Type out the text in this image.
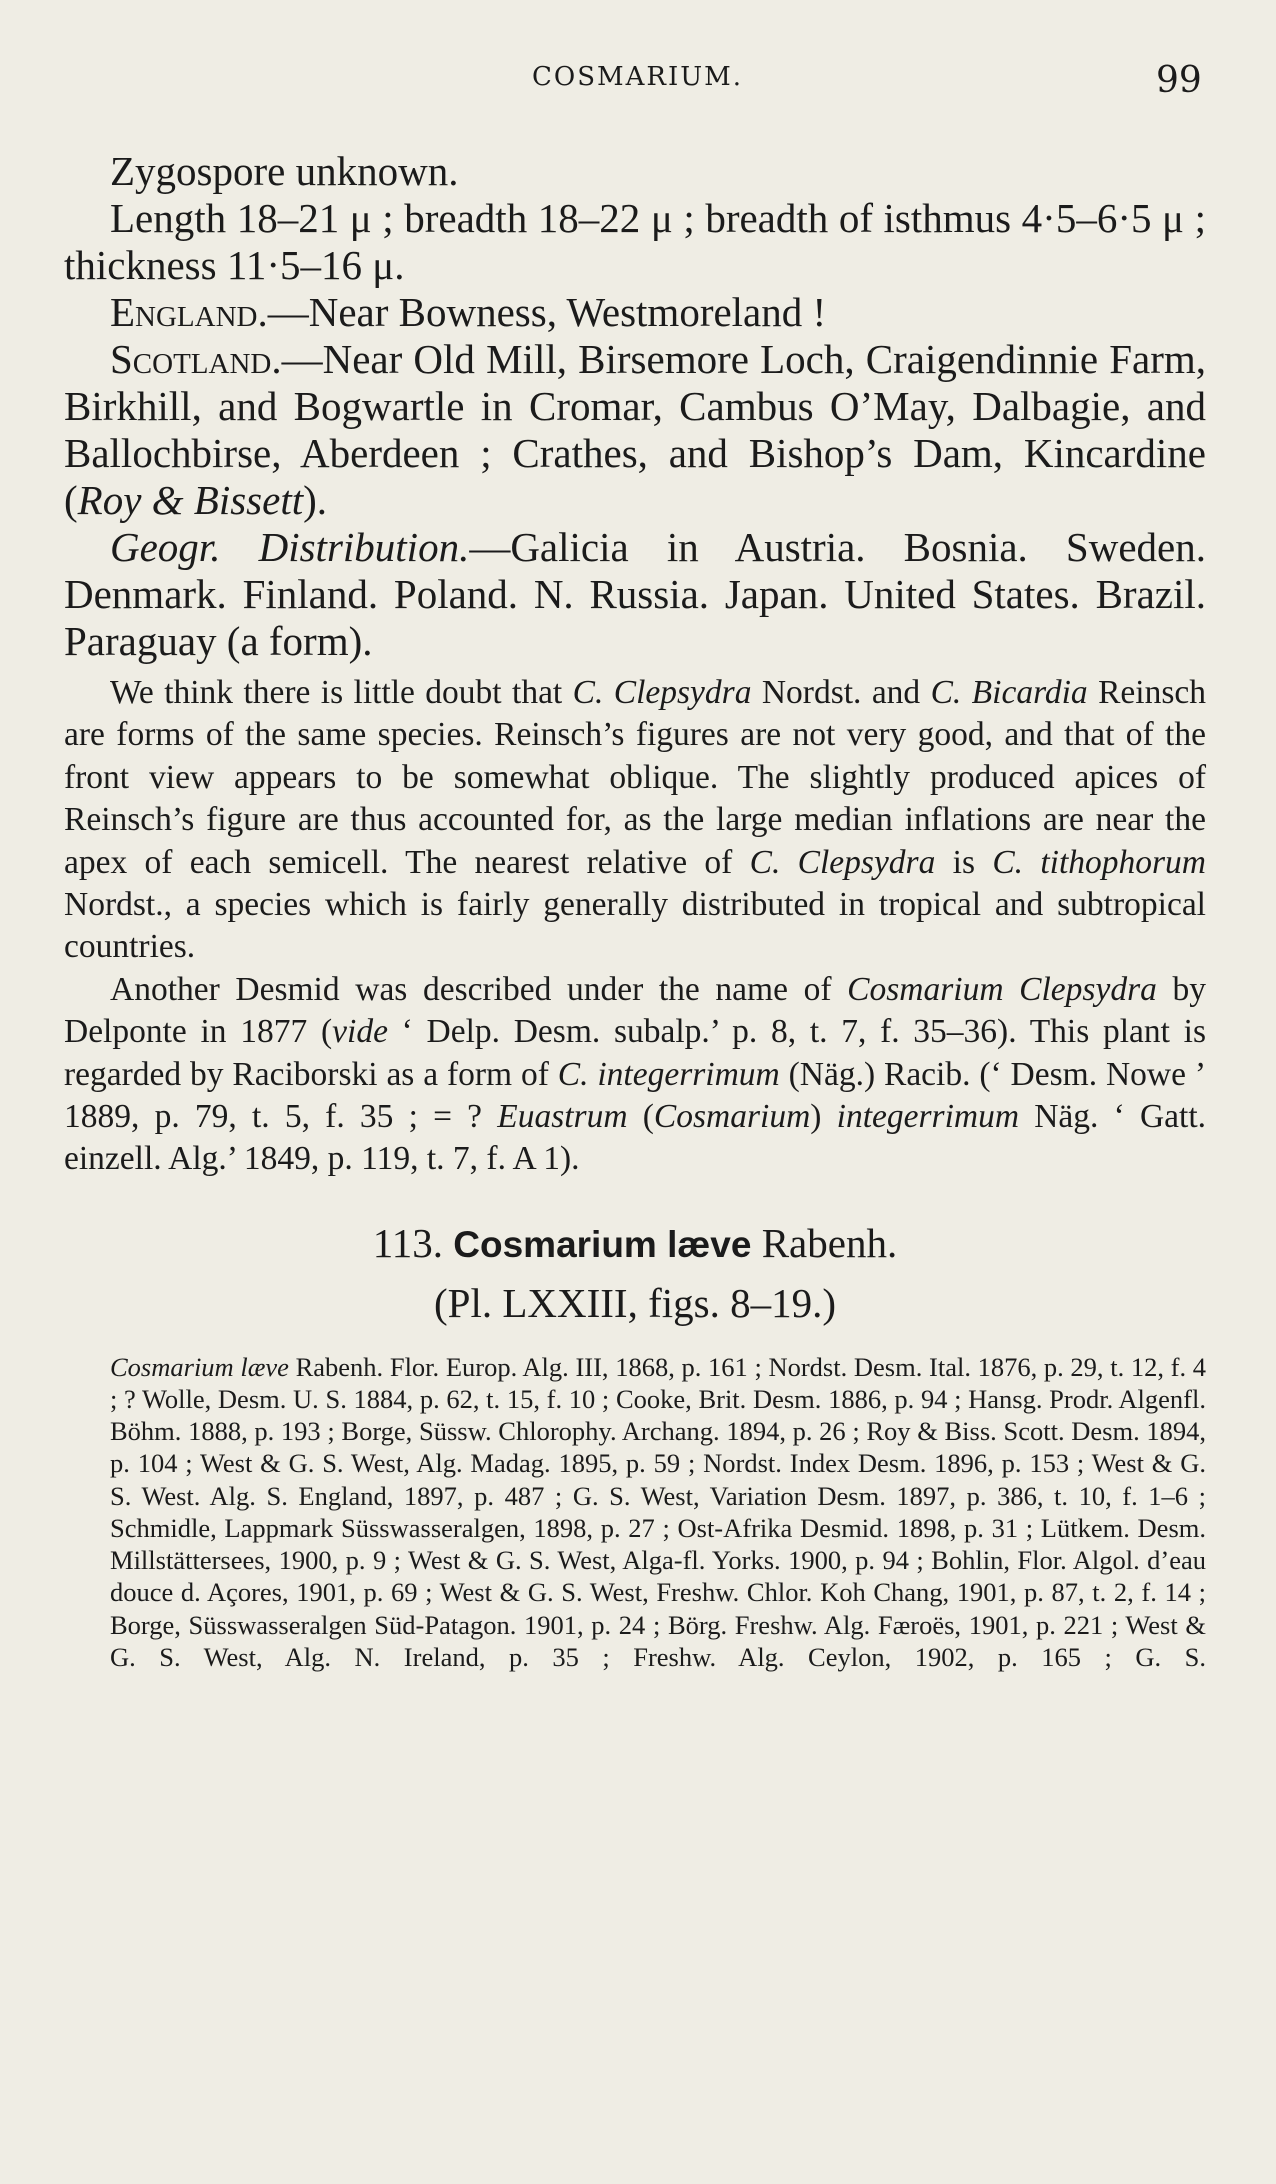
COSMARIUM.	99

Zygospore unknown.

Length 18–21 μ ; breadth 18–22 μ ; breadth of isthmus 4·5–6·5 μ ; thickness 11·5–16 μ.

England.—Near Bowness, Westmoreland !

Scotland.—Near Old Mill, Birsemore Loch, Craigendinnie Farm, Birkhill, and Bogwartle in Cromar, Cambus O’May, Dalbagie, and Ballochbirse, Aberdeen ; Crathes, and Bishop’s Dam, Kincardine (Roy & Bissett).

Geogr. Distribution.—Galicia in Austria. Bosnia. Sweden. Denmark. Finland. Poland. N. Russia. Japan. United States. Brazil. Paraguay (a form).

We think there is little doubt that C. Clepsydra Nordst. and C. Bicardia Reinsch are forms of the same species. Reinsch’s figures are not very good, and that of the front view appears to be somewhat oblique. The slightly produced apices of Reinsch’s figure are thus accounted for, as the large median inflations are near the apex of each semicell. The nearest relative of C. Clepsydra is C. tithophorum Nordst., a species which is fairly generally distributed in tropical and subtropical countries.

Another Desmid was described under the name of Cosmarium Clepsydra by Delponte in 1877 (vide ‘ Delp. Desm. subalp.’ p. 8, t. 7, f. 35–36). This plant is regarded by Raciborski as a form of C. integerrimum (Näg.) Racib. (‘ Desm. Nowe ’ 1889, p. 79, t. 5, f. 35 ; = ? Euastrum (Cosmarium) integerrimum Näg. ‘ Gatt. einzell. Alg.’ 1849, p. 119, t. 7, f. A 1).

113. Cosmarium læve Rabenh.
(Pl. LXXIII, figs. 8–19.)

Cosmarium læve Rabenh. Flor. Europ. Alg. III, 1868, p. 161 ; Nordst. Desm. Ital. 1876, p. 29, t. 12, f. 4 ; ? Wolle, Desm. U. S. 1884, p. 62, t. 15, f. 10 ; Cooke, Brit. Desm. 1886, p. 94 ; Hansg. Prodr. Algenfl. Böhm. 1888, p. 193 ; Borge, Süssw. Chlorophy. Archang. 1894, p. 26 ; Roy & Biss. Scott. Desm. 1894, p. 104 ; West & G. S. West, Alg. Madag. 1895, p. 59 ; Nordst. Index Desm. 1896, p. 153 ; West & G. S. West. Alg. S. England, 1897, p. 487 ; G. S. West, Variation Desm. 1897, p. 386, t. 10, f. 1–6 ; Schmidle, Lappmark Süsswasseralgen, 1898, p. 27 ; Ost-Afrika Desmid. 1898, p. 31 ; Lütkem. Desm. Millstättersees, 1900, p. 9 ; West & G. S. West, Alga-fl. Yorks. 1900, p. 94 ; Bohlin, Flor. Algol. d’eau douce d. Açores, 1901, p. 69 ; West & G. S. West, Freshw. Chlor. Koh Chang, 1901, p. 87, t. 2, f. 14 ; Borge, Süsswasseralgen Süd-Patagon. 1901, p. 24 ; Börg. Freshw. Alg. Færoës, 1901, p. 221 ; West & G. S. West, Alg. N. Ireland, p. 35 ; Freshw. Alg. Ceylon, 1902, p. 165 ; G. S.
